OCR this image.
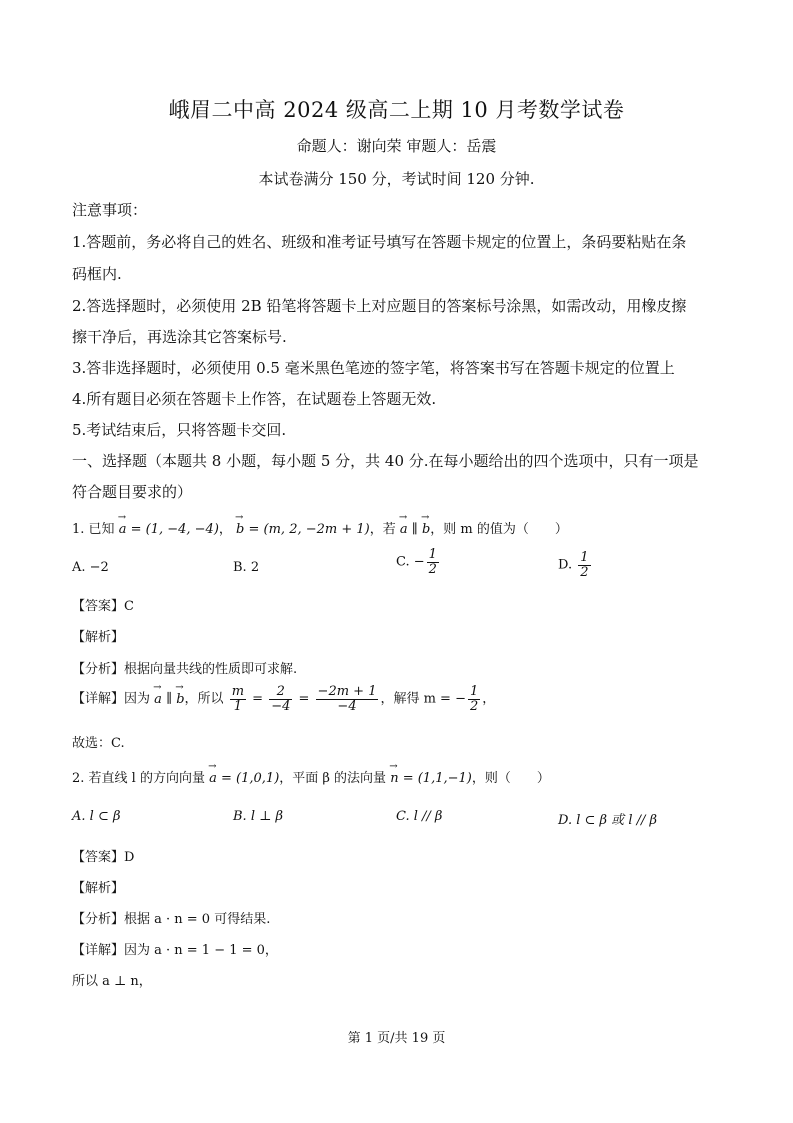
峨眉二中高 2024 级高二上期 10 月考数学试卷
命题人：谢向荣 审题人：岳震
本试卷满分 150 分，考试时间 120 分钟.
注意事项：
1.答题前，务必将自己的姓名、班级和准考证号填写在答题卡规定的位置上，条码要粘贴在条
码框内.
2.答选择题时，必须使用 2B 铅笔将答题卡上对应题目的答案标号涂黑，如需改动，用橡皮擦
擦干净后，再选涂其它答案标号.
3.答非选择题时，必须使用 0.5 毫米黑色笔迹的签字笔，将答案书写在答题卡规定的位置上
4.所有题目必须在答题卡上作答，在试题卷上答题无效.
5.考试结束后，只将答题卡交回.
一、选择题（本题共 8 小题，每小题 5 分，共 40 分.在每小题给出的四个选项中，只有一项是
符合题目要求的）
1. 已知 → a = (1, −4, −4)， → b = (m, 2, −2m + 1)，若 → a ∥ → b，则 m 的值为（　　）
A. −2	B. 2	C. − $\frac{1}{2}$	D. $\frac{1}{2}$
【答案】C
【解析】
【分析】根据向量共线的性质即可求解.
【详解】因为 → a ∥ → b，所以 $\frac{m}{1} = \frac{2}{-4} = \frac{-2m + 1}{-4}$ ，解得 m = − $\frac{1}{2}$ ，
故选：C.
2. 若直线 l 的方向向量 → a = (1,0,1)，平面 β 的法向量 → n = (1,1,−1)，则（　　）
A. l ⊂ β	B. l ⊥ β	C. l // β	D. l ⊂ β 或 l // β
【答案】D
【解析】
【分析】根据 a · n = 0 可得结果.
【详解】因为 a · n = 1 − 1 = 0，
所以 a ⊥ n，
第 1 页/共 19 页
